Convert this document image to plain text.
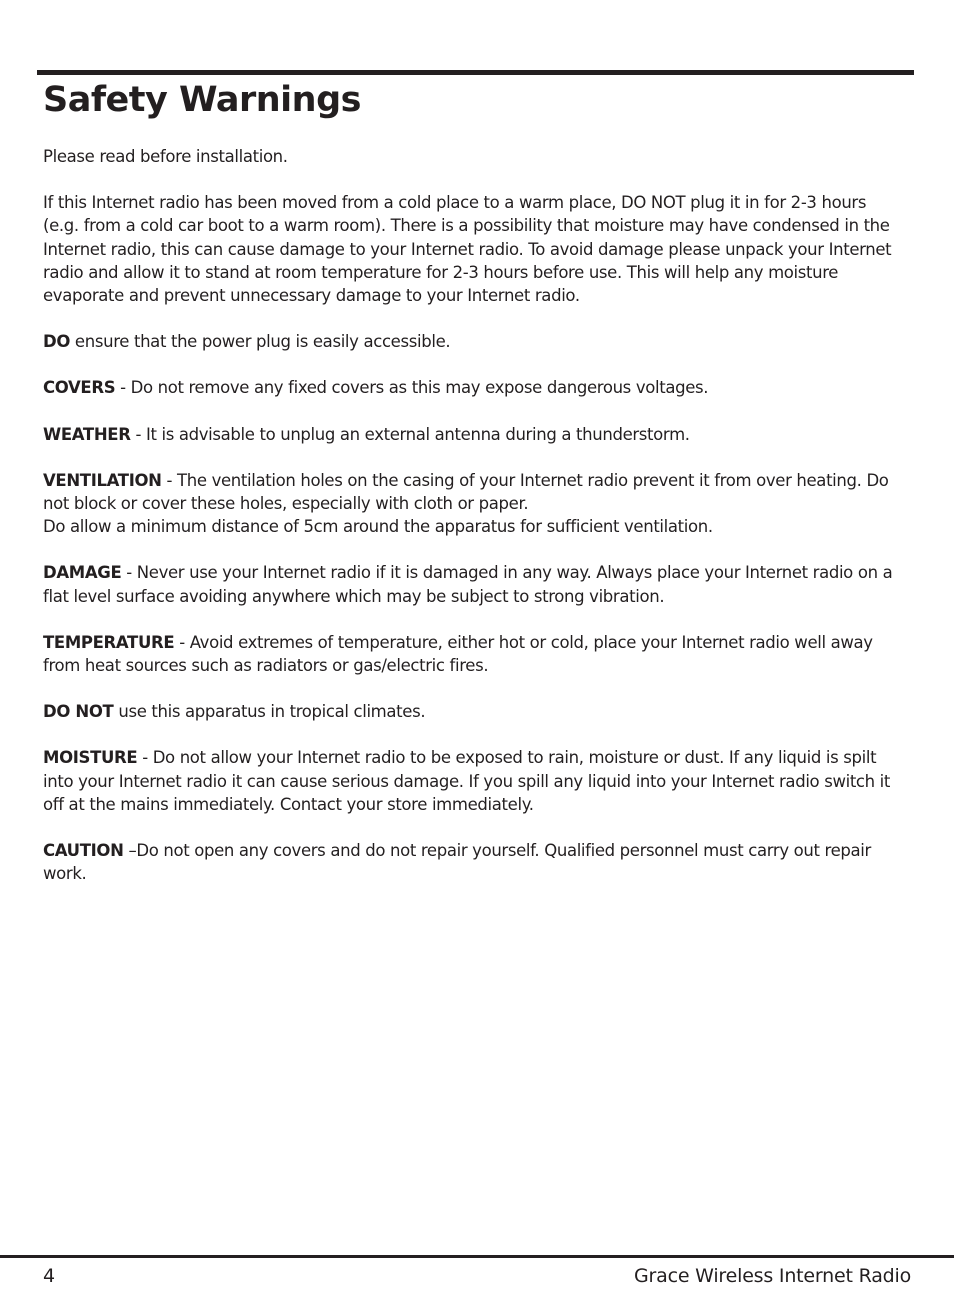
Safety Warnings

Please read before installation.

If this Internet radio has been moved from a cold place to a warm place, DO NOT plug it in for 2-3 hours (e.g. from a cold car boot to a warm room). There is a possibility that moisture may have condensed in the Internet radio, this can cause damage to your Internet radio. To avoid damage please unpack your Internet radio and allow it to stand at room temperature for 2-3 hours before use. This will help any moisture evaporate and prevent unnecessary damage to your Internet radio.

DO ensure that the power plug is easily accessible.

COVERS - Do not remove any fixed covers as this may expose dangerous voltages.

WEATHER - It is advisable to unplug an external antenna during a thunderstorm.

VENTILATION - The ventilation holes on the casing of your Internet radio prevent it from over heating. Do not block or cover these holes, especially with cloth or paper.
Do allow a minimum distance of 5cm around the apparatus for sufficient ventilation.

DAMAGE - Never use your Internet radio if it is damaged in any way. Always place your Internet radio on a flat level surface avoiding anywhere which may be subject to strong vibration.

TEMPERATURE - Avoid extremes of temperature, either hot or cold, place your Internet radio well away from heat sources such as radiators or gas/electric fires.

DO NOT use this apparatus in tropical climates.

MOISTURE - Do not allow your Internet radio to be exposed to rain, moisture or dust. If any liquid is spilt into your Internet radio it can cause serious damage. If you spill any liquid into your Internet radio switch it off at the mains immediately. Contact your store immediately.

CAUTION –Do not open any covers and do not repair yourself. Qualified personnel must carry out repair work.

4	Grace Wireless Internet Radio
